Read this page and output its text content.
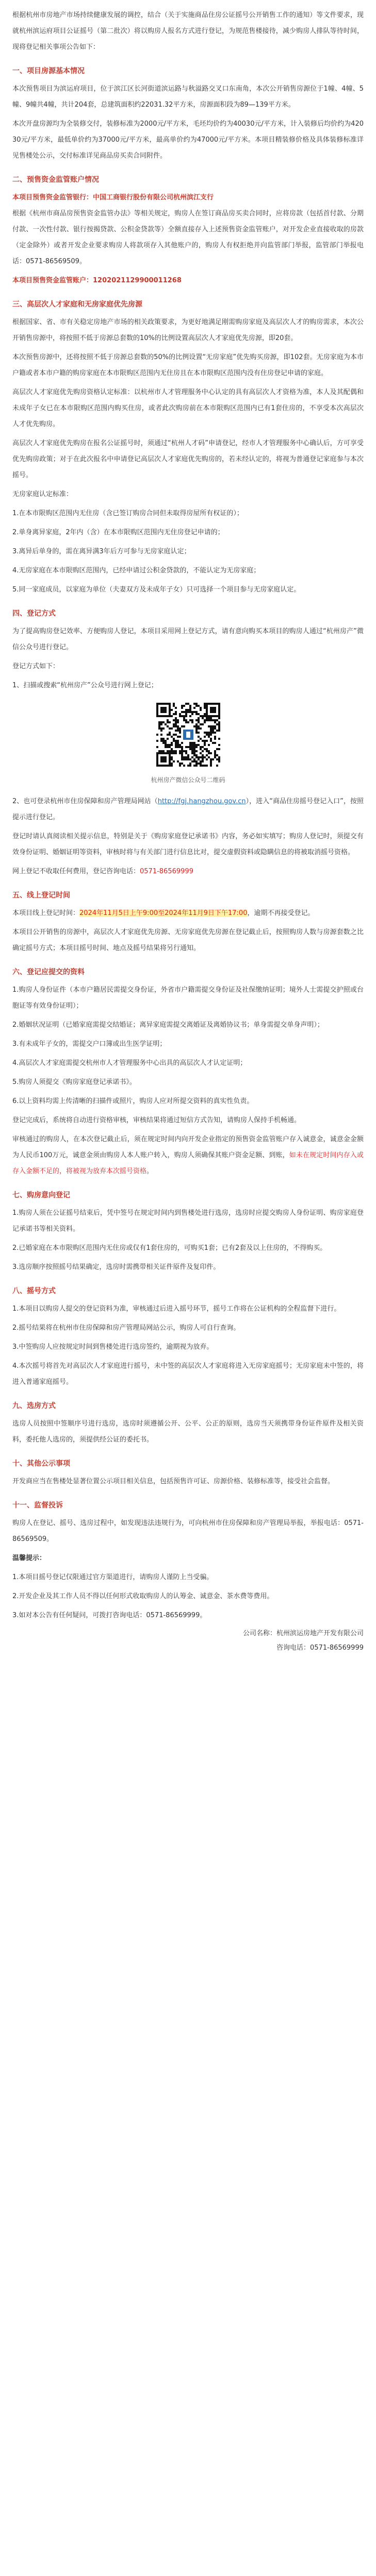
根据杭州市房地产市场持续健康发展的调控，结合（关于实施商品住房公证摇号公开销售工作的通知）等文件要求，现就杭州滨运府项目公证摇号（第二批次）将以购房人报名方式进行登记，为规范售楼接待，减少购房人排队等待时间，现将登记相关事项公告如下：

一、项目房源基本情况

本次预售项目为滨运府项目，位于滨江区长河街道滨运路与秋溢路交叉口东南角，本次公开销售房源位于1幢、4幢、5幢、9幢共4幢，共计204套，总建筑面积约22031.32平方米，房源面积段为89—139平方米。

本次开盘房源均为全装修交付，装修标准为2000元/平方米，毛坯均价约为40030元/平方米，计入装修后均价约为42030元/平方米，最低单价约为37000元/平方米，最高单价约为47000元/平方米。本项目精装修价格及具体装修标准详见售楼处公示，交付标准详见商品房买卖合同附件。

二、预售资金监管账户情况

本项目预售资金监管银行：中国工商银行股份有限公司杭州滨江支行

根据《杭州市商品房预售资金监管办法》等相关规定，购房人在签订商品房买卖合同时，应将房款（包括首付款、分期付款、一次性付款、银行按揭贷款、公积金贷款等）全额直接存入上述预售资金监管账户，对开发企业直接收取的房款（定金除外）或者开发企业要求购房人将款项存入其他账户的，购房人有权拒绝并向监管部门举报，监管部门举报电话：0571-86569509。

本项目预售资金监管账户：1202021129900011268

三、高层次人才家庭和无房家庭优先房源

根据国家、省、市有关稳定房地产市场的相关政策要求，为更好地满足刚需购房家庭及高层次人才的购房需求，本次公开销售房源中，将按照不低于房源总套数的10%的比例设置高层次人才家庭优先房源，即20套。

本次预售房源中，还将按照不低于房源总套数的50%的比例设置“无房家庭”优先购买房源，即102套。无房家庭为本市户籍或者本市户籍的购房家庭在本市限购区范围内无住房且在本市限购区范围内没有住房登记申请的家庭。

高层次人才家庭优先购房资格认定标准：以杭州市人才管理服务中心认定的具有高层次人才资格为准，本人及其配偶和未成年子女已在本市限购区范围内购买住房，或者此次购房前在本市限购区范围内已有1套住房的，不享受本次高层次人才优先购房。

高层次人才家庭优先购房在报名公证摇号时，须通过“杭州人才码”申请登记，经市人才管理服务中心确认后，方可享受优先购房政策；对于在此次报名中申请登记高层次人才家庭优先购房的，若未经认定的，将视为普通登记家庭参与本次摇号。

无房家庭认定标准：

1.在本市限购区范围内无住房（含已签订购房合同但未取得房屋所有权证的）；

2.单身离异家庭，2年内（含）在本市限购区范围内无住房登记申请的；

3.离异后单身的，需在离异满3年后方可参与无房家庭认定；

4.无房家庭在本市限购区范围内，已经申请过公积金贷款的，不能认定为无房家庭；

5.同一家庭成员，以家庭为单位（夫妻双方及未成年子女）只可选择一个项目参与无房家庭认定。

四、登记方式

为了提高购房登记效率、方便购房人登记，本项目采用网上登记方式，请有意向购买本项目的购房人通过“杭州房产”微信公众号进行登记。

登记方式如下：

1、扫描或搜索“杭州房产”公众号进行网上登记；

杭州房产微信公众号二维码

2、也可登录杭州市住房保障和房产管理局网站（http://fgj.hangzhou.gov.cn），进入“商品住房摇号登记入口”，按照提示进行登记。

登记时请认真阅读相关提示信息，特别是关于《购房家庭登记承诺书》内容，务必如实填写；购房人登记时，须提交有效身份证明、婚姻证明等资料，审核时将与有关部门进行信息比对，提交虚假资料或隐瞒信息的将被取消摇号资格。

网上登记不收取任何费用，登记咨询电话：0571-86569999

五、线上登记时间

本项目线上登记时间：2024年11月5日上午9:00至2024年11月9日下午17:00，逾期不再接受登记。

本项目公开销售的房源中，高层次人才家庭优先房源、无房家庭优先房源在登记截止后，按照购房人数与房源套数之比确定摇号方式；本项目摇号时间、地点及摇号结果将另行通知。

六、登记应提交的资料

1.购房人身份证件（本市户籍居民需提交身份证，外省市户籍需提交身份证及社保缴纳证明；境外人士需提交护照或台胞证等有效身份证明）；

2.婚姻状况证明（已婚家庭需提交结婚证；离异家庭需提交离婚证及离婚协议书；单身需提交单身声明）；

3.有未成年子女的，需提交户口簿或出生医学证明；

4.高层次人才家庭需提交杭州市人才管理服务中心出具的高层次人才认定证明；

5.购房人须提交《购房家庭登记承诺书》。

6.以上资料均需上传清晰的扫描件或照片，购房人应对所提交资料的真实性负责。

登记完成后，系统将自动进行资格审核，审核结果将通过短信方式告知，请购房人保持手机畅通。

审核通过的购房人，在本次登记截止后，须在规定时间内向开发企业指定的预售资金监管账户存入诚意金，诚意金金额为人民币100万元，诚意金须由购房人本人账户转入，购房人须确保其账户资金足额、到账，如未在规定时间内存入或存入金额不足的，将被视为放弃本次摇号资格。

七、购房意向登记

1.购房人须在公证摇号结束后，凭中签号在规定时间内到售楼处进行选房，选房时应提交购房人身份证明、购房家庭登记承诺书等相关资料。

2.已婚家庭在本市限购区范围内无住房或仅有1套住房的，可购买1套；已有2套及以上住房的，不得购买。

3.选房顺序按照摇号结果确定，选房时需携带相关证件原件及复印件。

八、摇号方式

1.本项目以购房人提交的登记资料为准，审核通过后进入摇号环节，摇号工作将在公证机构的全程监督下进行。

2.摇号结果将在杭州市住房保障和房产管理局网站公示，购房人可自行查询。

3.中签购房人应按规定时间到售楼处进行选房签约，逾期视为放弃。

4.本次摇号将首先对高层次人才家庭进行摇号，未中签的高层次人才家庭将进入无房家庭摇号；无房家庭未中签的，将进入普通家庭摇号。

九、选房方式

选房人员按照中签顺序号进行选房，选房时须遵循公开、公平、公正的原则，选房当天须携带身份证件原件及相关资料，委托他人选房的，须提供经公证的委托书。

十、其他公示事项

开发商应当在售楼处显著位置公示项目相关信息，包括预售许可证、房源价格、装修标准等，接受社会监督。

十一、监督投诉

购房人在登记、摇号、选房过程中，如发现违法违规行为，可向杭州市住房保障和房产管理局举报，举报电话：0571-86569509。

温馨提示：

1.本项目摇号登记仅限通过官方渠道进行，请购房人谨防上当受骗。

2.开发企业及其工作人员不得以任何形式收取购房人的认筹金、诚意金、茶水费等费用。

3.如对本公告有任何疑问，可拨打咨询电话：0571-86569999。

公司名称：杭州滨运房地产开发有限公司

咨询电话：0571-86569999
